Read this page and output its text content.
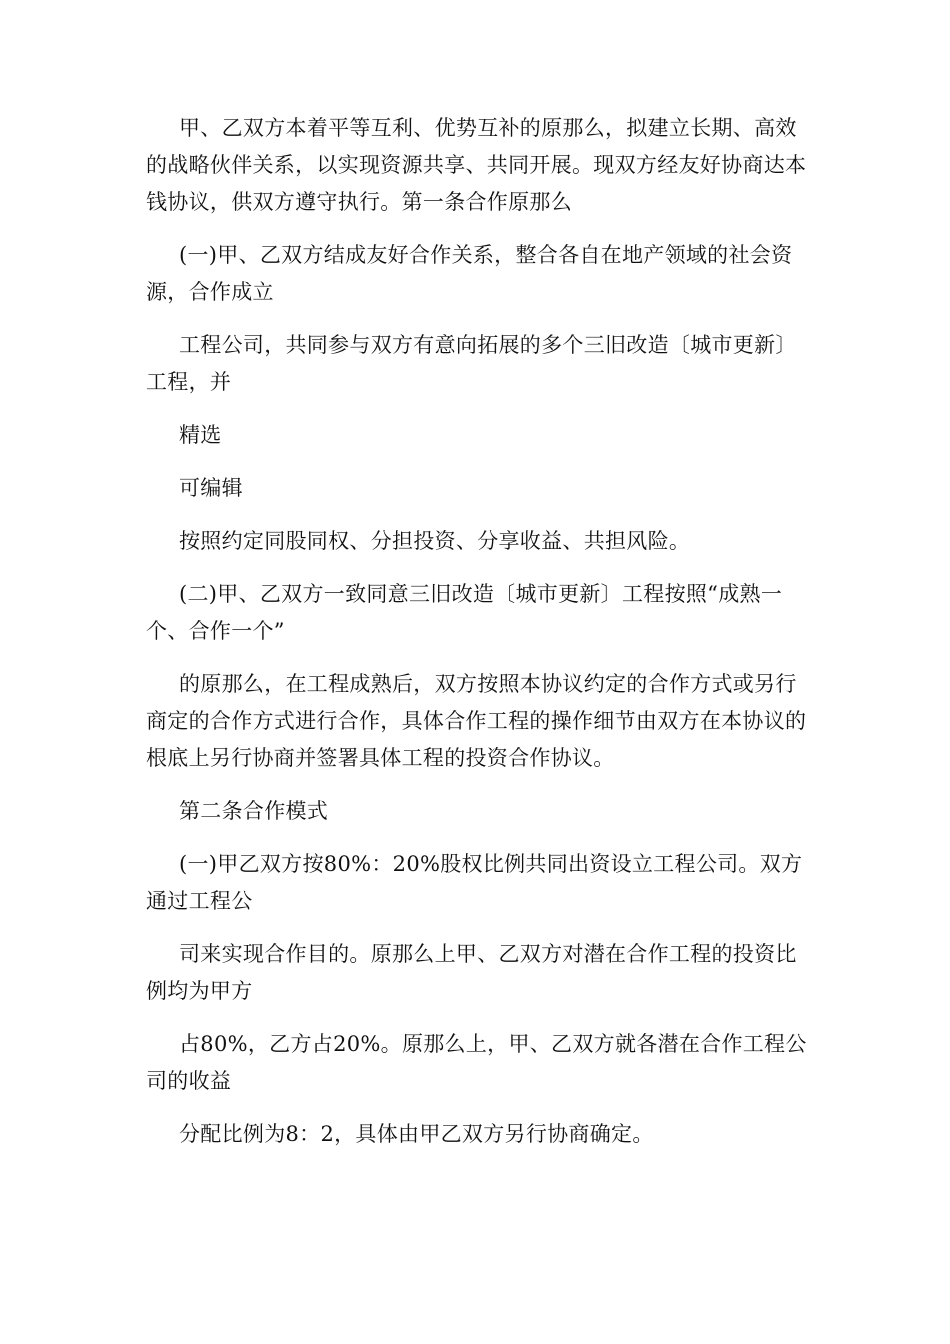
甲、乙双方本着平等互利、优势互补的原那么，拟建立长期、高效的战略伙伴关系，以实现资源共享、共同开展。现双方经友好协商达本钱协议，供双方遵守执行。第一条合作原那么

(一)甲、乙双方结成友好合作关系，整合各自在地产领域的社会资源，合作成立

工程公司，共同参与双方有意向拓展的多个三旧改造〔城市更新〕工程，并

精选

可编辑

按照约定同股同权、分担投资、分享收益、共担风险。

(二)甲、乙双方一致同意三旧改造〔城市更新〕工程按照“成熟一个、合作一个”

的原那么，在工程成熟后，双方按照本协议约定的合作方式或另行商定的合作方式进行合作，具体合作工程的操作细节由双方在本协议的根底上另行协商并签署具体工程的投资合作协议。

第二条合作模式

(一)甲乙双方按80%：20%股权比例共同出资设立工程公司。双方通过工程公

司来实现合作目的。原那么上甲、乙双方对潜在合作工程的投资比例均为甲方

占80%，乙方占20%。原那么上，甲、乙双方就各潜在合作工程公司的收益

分配比例为8：2，具体由甲乙双方另行协商确定。
